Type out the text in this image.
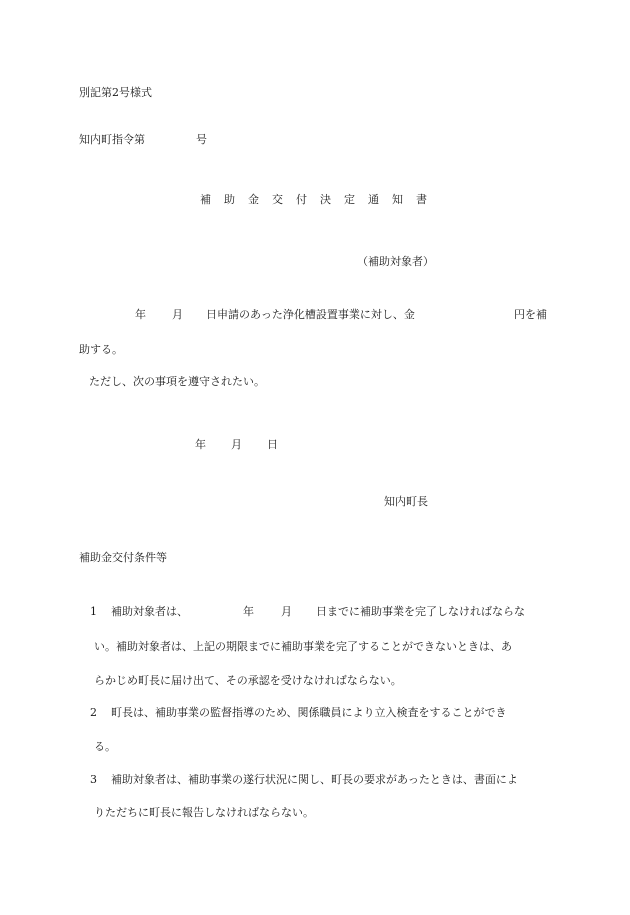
別記第2号様式
知内町指令第	号
補 助 金 交 付 決 定 通 知 書
（補助対象者）
年 月 日申請のあった浄化槽設置事業に対し、金	円を補
助する。
ただし、次の事項を遵守されたい。
年 月 日
知内町長
補助金交付条件等
1 補助対象者は、	年 月 日までに補助事業を完了しなければならな
い。補助対象者は、上記の期限までに補助事業を完了することができないときは、あ
らかじめ町長に届け出て、その承認を受けなければならない。
2 町長は、補助事業の監督指導のため、関係職員により立入検査をすることができ
る。
3 補助対象者は、補助事業の遂行状況に関し、町長の要求があったときは、書面によ
りただちに町長に報告しなければならない。
